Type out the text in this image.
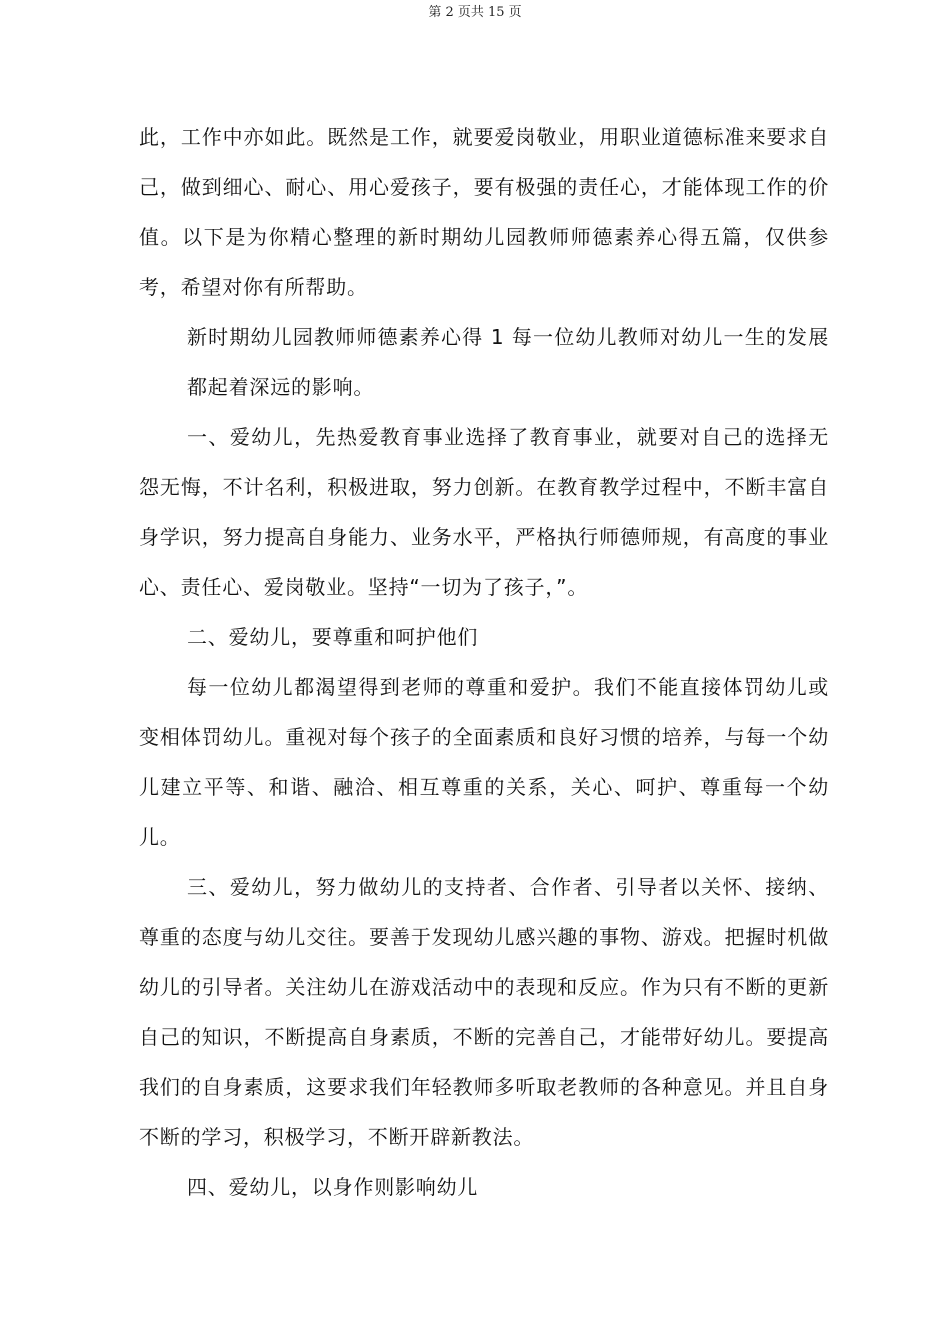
第 2 页共 15 页

此，工作中亦如此。既然是工作，就要爱岗敬业，用职业道德标准来要求自己，做到细心、耐心、用心爱孩子，要有极强的责任心，才能体现工作的价值。以下是为你精心整理的新时期幼儿园教师师德素养心得五篇，仅供参考，希望对你有所帮助。

新时期幼儿园教师师德素养心得 1 每一位幼儿教师对幼儿一生的发展都起着深远的影响。

一、爱幼儿，先热爱教育事业选择了教育事业，就要对自己的选择无怨无悔，不计名利，积极进取，努力创新。在教育教学过程中，不断丰富自身学识，努力提高自身能力、业务水平，严格执行师德师规，有高度的事业心、责任心、爱岗敬业。坚持“一切为了孩子，”。

二、爱幼儿，要尊重和呵护他们

每一位幼儿都渴望得到老师的尊重和爱护。我们不能直接体罚幼儿或变相体罚幼儿。重视对每个孩子的全面素质和良好习惯的培养，与每一个幼儿建立平等、和谐、融洽、相互尊重的关系，关心、呵护、尊重每一个幼儿。

三、爱幼儿，努力做幼儿的支持者、合作者、引导者以关怀、接纳、尊重的态度与幼儿交往。要善于发现幼儿感兴趣的事物、游戏。把握时机做幼儿的引导者。关注幼儿在游戏活动中的表现和反应。作为只有不断的更新自己的知识，不断提高自身素质，不断的完善自己，才能带好幼儿。要提高我们的自身素质，这要求我们年轻教师多听取老教师的各种意见。并且自身不断的学习，积极学习，不断开辟新教法。

四、爱幼儿，以身作则影响幼儿
